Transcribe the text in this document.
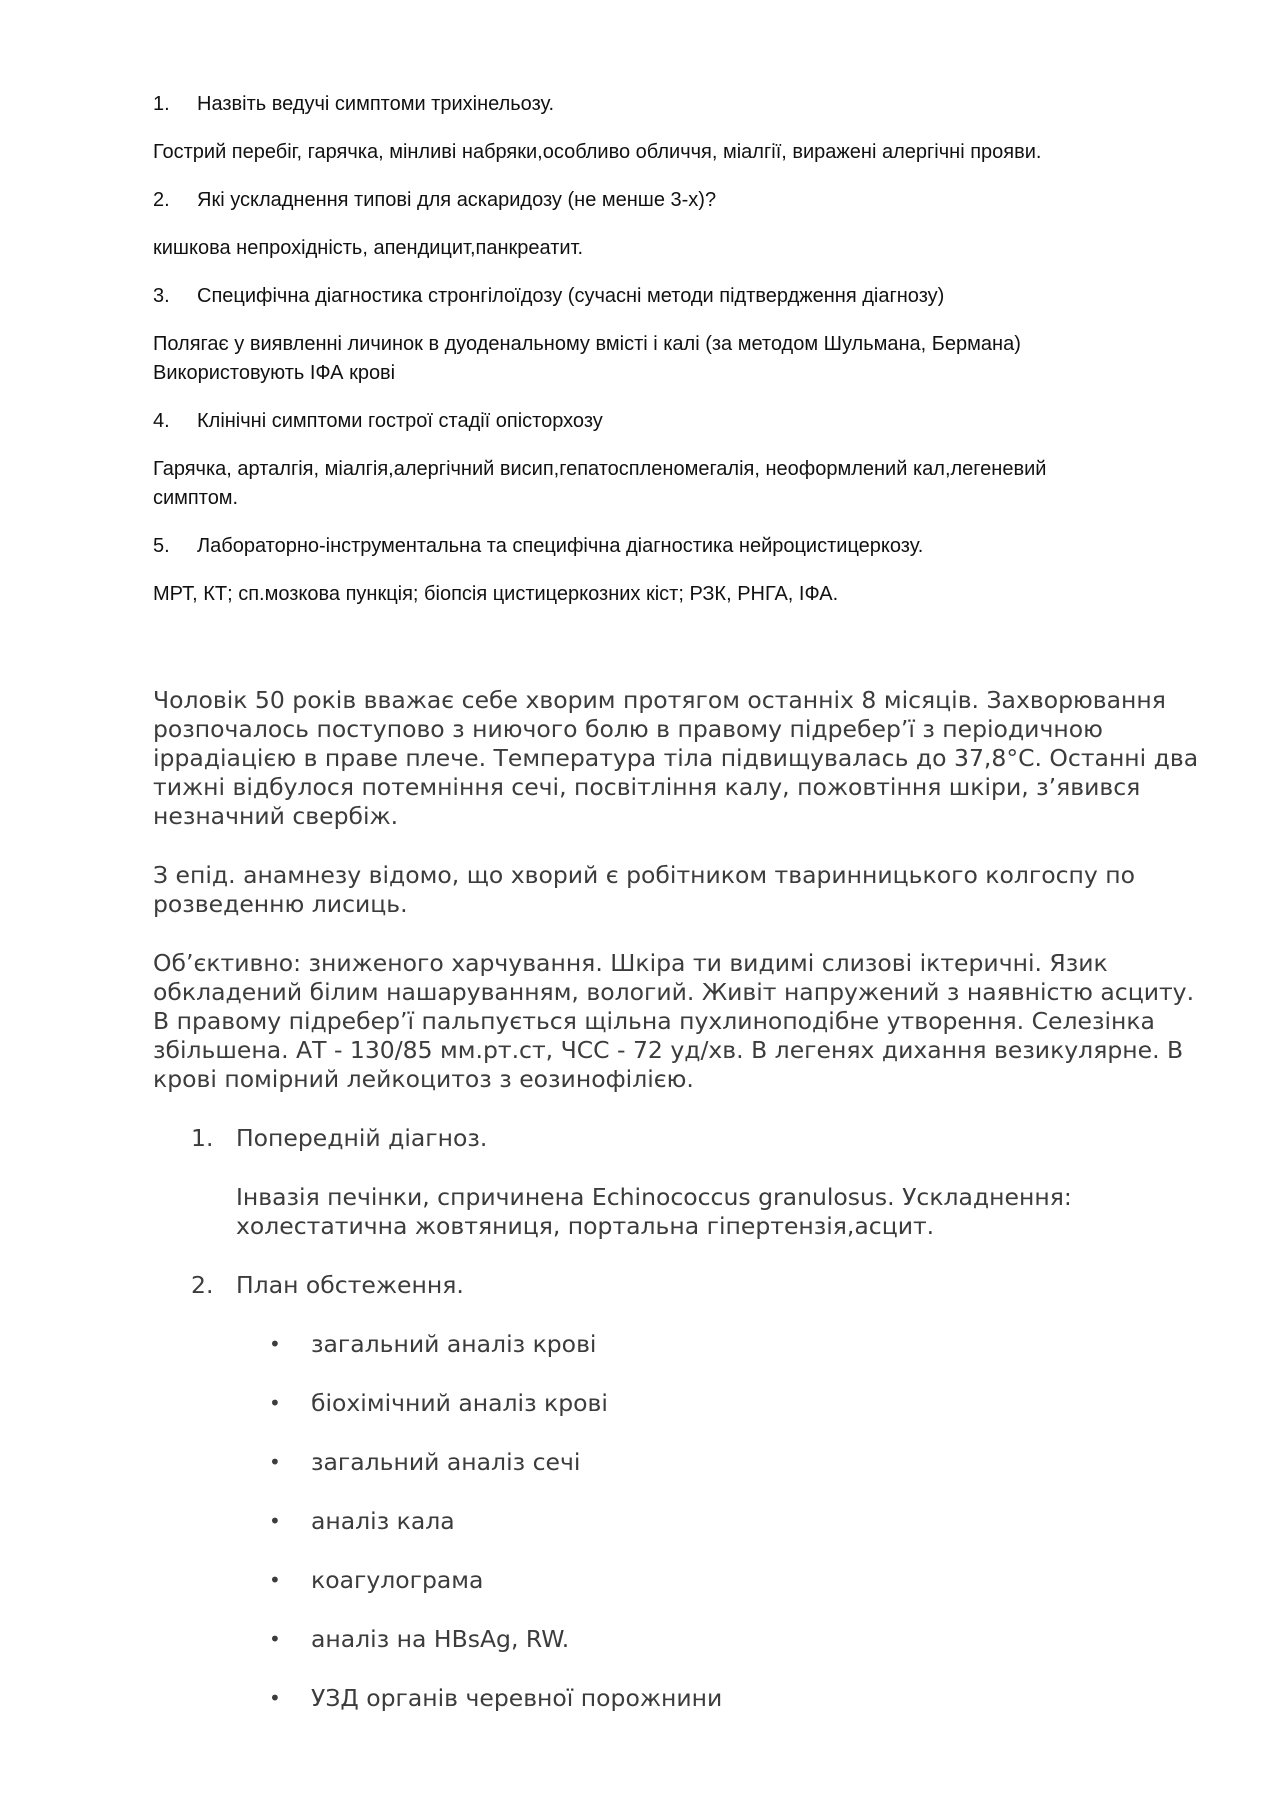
1.	Назвіть ведучі симптоми трихінельозу.
Гострий перебіг, гарячка, мінливі набряки,особливо обличчя, міалгії, виражені алергічні прояви.
2.	Які ускладнення типові для аскаридозу (не менше 3-х)?
кишкова непрохідність, апендицит,панкреатит.
3.	Специфічна діагностика стронгілоїдозу (сучасні методи підтвердження діагнозу)
Полягає у виявленні личинок в дуоденальному вмісті і калі (за методом Шульмана, Бермана)
Використовують ІФА крові
4.	Клінічні симптоми гострої стадії опісторхозу
Гарячка, арталгія, міалгія,алергічний висип,гепатоспленомегалія, неоформлений кал,легеневий
симптом.
5.	Лабораторно-інструментальна та специфічна діагностика нейроцистицеркозу.
МРТ, КТ; сп.мозкова пункція; біопсія цистицеркозних кіст; РЗК, РНГА, ІФА.

Чоловік 50 років вважає себе хворим протягом останніх 8 місяців. Захворювання розпочалось поступово з ниючого болю в правому підребер’ї з періодичною іррадіацією в праве плече. Температура тіла підвищувалась до 37,8°С. Останні два тижні відбулося потемніння сечі, посвітління калу, пожовтіння шкіри, з’явився незначний свербіж.

З епід. анамнезу відомо, що хворий є робітником тваринницького колгоспу по розведенню лисиць.

Об’єктивно: зниженого харчування. Шкіра ти видимі слизові іктеричні. Язик обкладений білим нашаруванням, вологий. Живіт напружений з наявністю асциту. В правому підребер’ї пальпується щільна пухлиноподібне утворення. Селезінка збільшена. АТ - 130/85 мм.рт.ст, ЧСС - 72 уд/хв. В легенях дихання везикулярне. В крові помірний лейкоцитоз з еозинофілією.

1. Попередній діагноз.
Інвазія печінки, спричинена Echinococcus granulosus. Ускладнення: холестатична жовтяниця, портальна гіпертензія,асцит.
2. План обстеження.
•	загальний аналіз крові
•	біохімічний аналіз крові
•	загальний аналіз сечі
•	аналіз кала
•	коагулограма
•	аналіз на HBsAg, RW.
•	УЗД органів черевної порожнини
